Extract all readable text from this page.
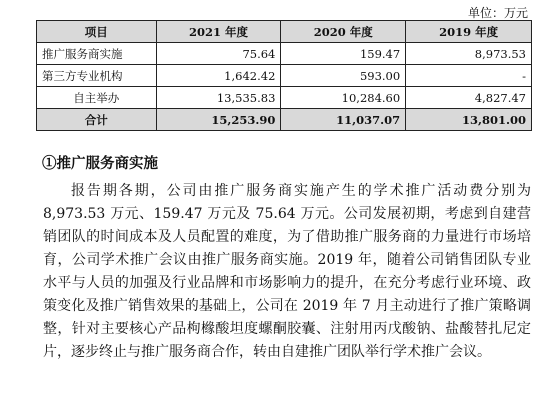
单位：万元
项目	2021 年度	2020 年度	2019 年度
推广服务商实施	75.64	159.47	8,973.53
第三方专业机构	1,642.42	593.00	-
自主举办	13,535.83	10,284.60	4,827.47
合计	15,253.90	11,037.07	13,801.00
①推广服务商实施

报告期各期，公司由推广服务商实施产生的学术推广活动费分别为 8,973.53 万元、159.47 万元及 75.64 万元。公司发展初期，考虑到自建营销团队的时间成本及人员配置的难度，为了借助推广服务商的力量进行市场培育，公司学术推广会议由推广服务商实施。2019 年，随着公司销售团队专业水平与人员的加强及行业品牌和市场影响力的提升，在充分考虑行业环境、政策变化及推广销售效果的基础上，公司在 2019 年 7 月主动进行了推广策略调整，针对主要核心产品枸橼酸坦度螺酮胶囊、注射用丙戊酸钠、盐酸替扎尼定片，逐步终止与推广服务商合作，转由自建推广团队举行学术推广会议。
